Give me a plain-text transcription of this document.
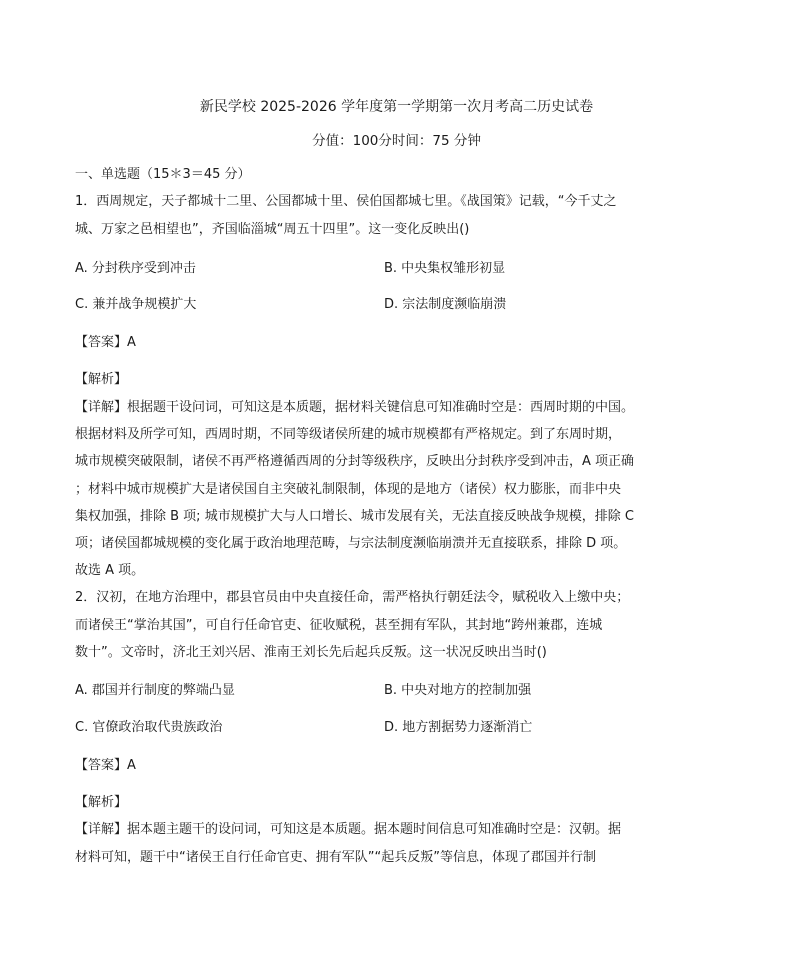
新民学校 2025-2026 学年度第一学期第一次月考高二历史试卷
分值：100分时间：75 分钟
一、单选题（15＊3＝45 分）
1．西周规定，天子都城十二里、公国都城十里、侯伯国都城七里。《战国策》记载，“今千丈之
城、万家之邑相望也”，齐国临淄城“周五十四里”。这一变化反映出()
A. 分封秩序受到冲击	B. 中央集权雏形初显
C. 兼并战争规模扩大	D. 宗法制度濒临崩溃
【答案】A
【解析】
【详解】根据题干设问词，可知这是本质题，据材料关键信息可知准确时空是：西周时期的中国。
根据材料及所学可知，西周时期，不同等级诸侯所建的城市规模都有严格规定。到了东周时期，
城市规模突破限制，诸侯不再严格遵循西周的分封等级秩序，反映出分封秩序受到冲击，A 项正确
；材料中城市规模扩大是诸侯国自主突破礼制限制，体现的是地方（诸侯）权力膨胀，而非中央
集权加强，排除 B 项; 城市规模扩大与人口增长、城市发展有关，无法直接反映战争规模，排除 C
项；诸侯国都城规模的变化属于政治地理范畴，与宗法制度濒临崩溃并无直接联系，排除 D 项。
故选 A 项。
2．汉初，在地方治理中，郡县官员由中央直接任命，需严格执行朝廷法令，赋税收入上缴中央；
而诸侯王“掌治其国”，可自行任命官吏、征收赋税，甚至拥有军队，其封地“跨州兼郡，连城
数十”。文帝时，济北王刘兴居、淮南王刘长先后起兵反叛。这一状况反映出当时()
A. 郡国并行制度的弊端凸显	B. 中央对地方的控制加强
C. 官僚政治取代贵族政治	D. 地方割据势力逐渐消亡
【答案】A
【解析】
【详解】据本题主题干的设问词，可知这是本质题。据本题时间信息可知准确时空是：汉朝。据
材料可知，题干中“诸侯王自行任命官吏、拥有军队”“起兵反叛”等信息，体现了郡国并行制
